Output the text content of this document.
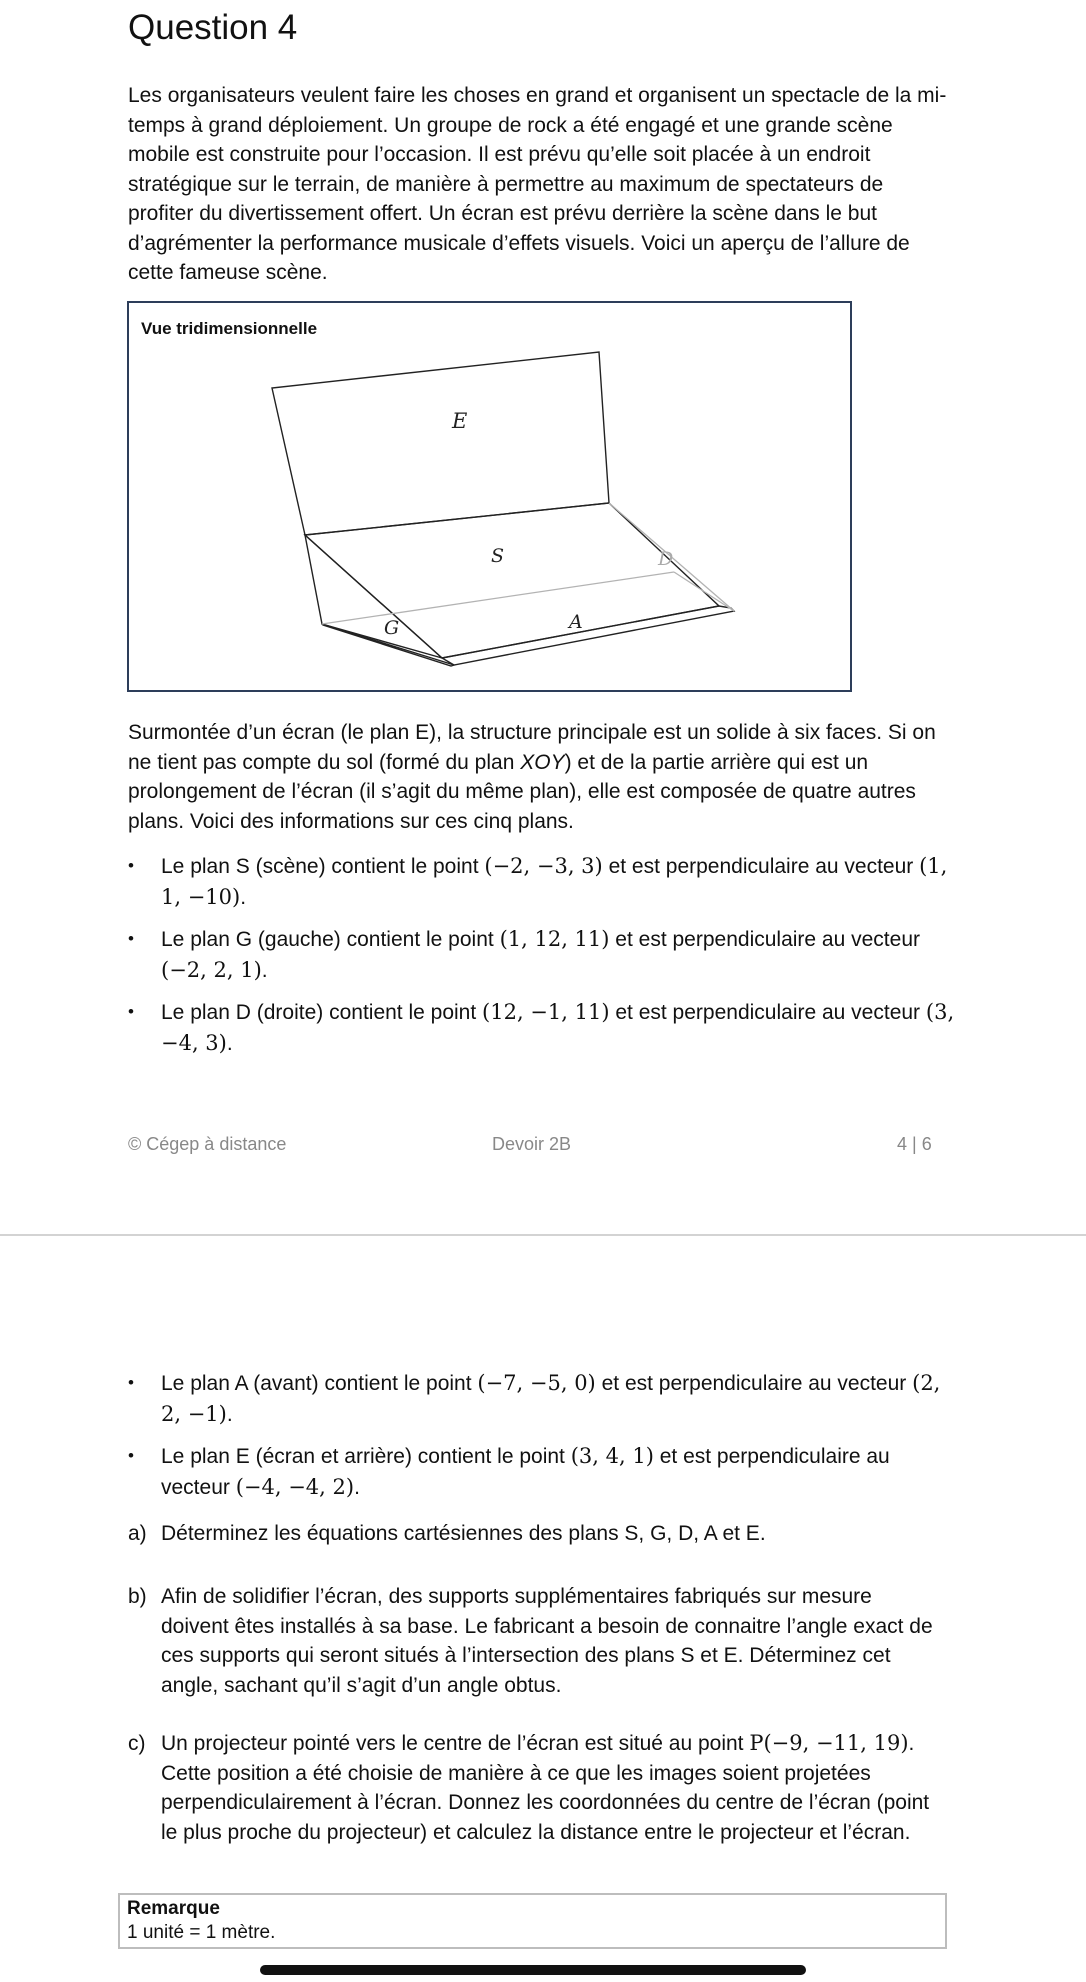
Question 4
Les organisateurs veulent faire les choses en grand et organisent un spectacle de la mi-temps à grand déploiement. Un groupe de rock a été engagé et une grande scène mobile est construite pour l’occasion. Il est prévu qu’elle soit placée à un endroit stratégique sur le terrain, de manière à permettre au maximum de spectateurs de profiter du divertissement offert. Un écran est prévu derrière la scène dans le but d’agrémenter la performance musicale d’effets visuels. Voici un aperçu de l’allure de cette fameuse scène.
Vue tridimensionnelle
E
S	D
G	A
Surmontée d’un écran (le plan E), la structure principale est un solide à six faces. Si on ne tient pas compte du sol (formé du plan XOY) et de la partie arrière qui est un prolongement de l’écran (il s’agit du même plan), elle est composée de quatre autres plans. Voici des informations sur ces cinq plans.
• Le plan S (scène) contient le point (−2, −3, 3) et est perpendiculaire au vecteur (1, 1, −10).
• Le plan G (gauche) contient le point (1, 12, 11) et est perpendiculaire au vecteur (−2, 2, 1).
• Le plan D (droite) contient le point (12, −1, 11) et est perpendiculaire au vecteur (3, −4, 3).
© Cégep à distance	Devoir 2B	4 | 6
• Le plan A (avant) contient le point (−7, −5, 0) et est perpendiculaire au vecteur (2, 2, −1).
• Le plan E (écran et arrière) contient le point (3, 4, 1) et est perpendiculaire au vecteur (−4, −4, 2).
a) Déterminez les équations cartésiennes des plans S, G, D, A et E.
b) Afin de solidifier l’écran, des supports supplémentaires fabriqués sur mesure doivent êtes installés à sa base. Le fabricant a besoin de connaitre l’angle exact de ces supports qui seront situés à l’intersection des plans S et E. Déterminez cet angle, sachant qu’il s’agit d’un angle obtus.
c) Un projecteur pointé vers le centre de l’écran est situé au point P(−9, −11, 19). Cette position a été choisie de manière à ce que les images soient projetées perpendiculairement à l’écran. Donnez les coordonnées du centre de l’écran (point le plus proche du projecteur) et calculez la distance entre le projecteur et l’écran.
Remarque
1 unité = 1 mètre.
